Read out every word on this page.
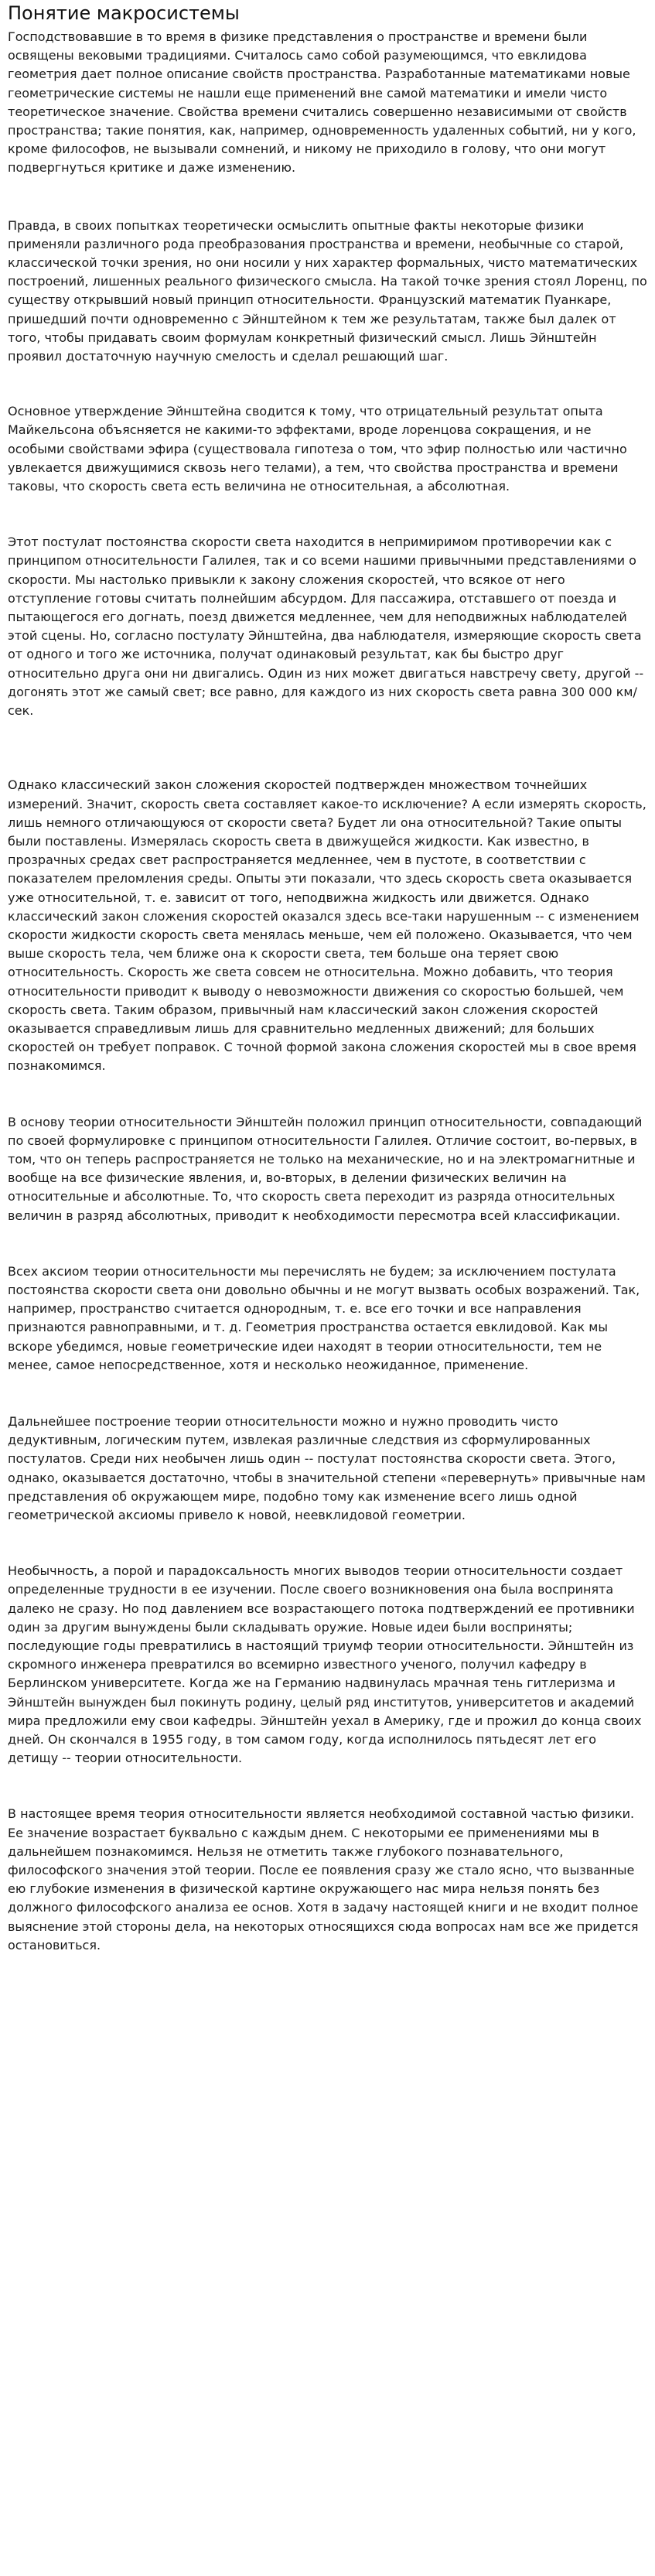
Понятие макросистемы

Господствовавшие в то время в физике представления о пространстве и времени были освящены вековыми традициями. Считалось само собой разумеющимся, что евклидова геометрия дает полное описание свойств пространства. Разработанные математиками новые геометрические системы не нашли еще применений вне самой математики и имели чисто теоретическое значение. Свойства времени считались совершенно независимыми от свойств пространства; такие понятия, как, например, одновременность удаленных событий, ни у кого, кроме философов, не вызывали сомнений, и никому не приходило в голову, что они могут подвергнуться критике и даже изменению.

Правда, в своих попытках теоретически осмыслить опытные факты некоторые физики применяли различного рода преобразования пространства и времени, необычные со старой, классической точки зрения, но они носили у них характер формальных, чисто математических построений, лишенных реального физического смысла. На такой точке зрения стоял Лоренц, по существу открывший новый принцип относительности. Французский математик Пуанкаре, пришедший почти одновременно с Эйнштейном к тем же результатам, также был далек от того, чтобы придавать своим формулам конкретный физический смысл. Лишь Эйнштейн проявил достаточную научную смелость и сделал решающий шаг.

Основное утверждение Эйнштейна сводится к тому, что отрицательный результат опыта Майкельсона объясняется не какими-то эффектами, вроде лоренцова сокращения, и не особыми свойствами эфира (существовала гипотеза о том, что эфир полностью или частично увлекается движущимися сквозь него телами), а тем, что свойства пространства и времени таковы, что скорость света есть величина не относительная, а абсолютная.

Этот постулат постоянства скорости света находится в непримиримом противоречии как с принципом относительности Галилея, так и со всеми нашими привычными представлениями о скорости. Мы настолько привыкли к закону сложения скоростей, что всякое от него отступление готовы считать полнейшим абсурдом. Для пассажира, отставшего от поезда и пытающегося его догнать, поезд движется медленнее, чем для неподвижных наблюдателей этой сцены. Но, согласно постулату Эйнштейна, два наблюдателя, измеряющие скорость света от одного и того же источника, получат одинаковый результат, как бы быстро друг относительно друга они ни двигались. Один из них может двигаться навстречу свету, другой -- догонять этот же самый свет; все равно, для каждого из них скорость света равна 300 000 км/сек.

Однако классический закон сложения скоростей подтвержден множеством точнейших измерений. Значит, скорость света составляет какое-то исключение? А если измерять скорость, лишь немного отличающуюся от скорости света? Будет ли она относительной? Такие опыты были поставлены. Измерялась скорость света в движущейся жидкости. Как известно, в прозрачных средах свет распространяется медленнее, чем в пустоте, в соответствии с показателем преломления среды. Опыты эти показали, что здесь скорость света оказывается уже относительной, т. е. зависит от того, неподвижна жидкость или движется. Однако классический закон сложения скоростей оказался здесь все-таки нарушенным -- с изменением скорости жидкости скорость света менялась меньше, чем ей положено. Оказывается, что чем выше скорость тела, чем ближе она к скорости света, тем больше она теряет свою относительность. Скорость же света совсем не относительна. Можно добавить, что теория относительности приводит к выводу о невозможности движения со скоростью большей, чем скорость света. Таким образом, привычный нам классический закон сложения скоростей оказывается справедливым лишь для сравнительно медленных движений; для больших скоростей он требует поправок. С точной формой закона сложения скоростей мы в свое время познакомимся.

В основу теории относительности Эйнштейн положил принцип относительности, совпадающий по своей формулировке с принципом относительности Галилея. Отличие состоит, во-первых, в том, что он теперь распространяется не только на механические, но и на электромагнитные и вообще на все физические явления, и, во-вторых, в делении физических величин на относительные и абсолютные. То, что скорость света переходит из разряда относительных величин в разряд абсолютных, приводит к необходимости пересмотра всей классификации.

Всех аксиом теории относительности мы перечислять не будем; за исключением постулата постоянства скорости света они довольно обычны и не могут вызвать особых возражений. Так, например, пространство считается однородным, т. е. все его точки и все направления признаются равноправными, и т. д. Геометрия пространства остается евклидовой. Как мы вскоре убедимся, новые геометрические идеи находят в теории относительности, тем не менее, самое непосредственное, хотя и несколько неожиданное, применение.

Дальнейшее построение теории относительности можно и нужно проводить чисто дедуктивным, логическим путем, извлекая различные следствия из сформулированных постулатов. Среди них необычен лишь один -- постулат постоянства скорости света. Этого, однако, оказывается достаточно, чтобы в значительной степени «перевернуть» привычные нам представления об окружающем мире, подобно тому как изменение всего лишь одной геометрической аксиомы привело к новой, неевклидовой геометрии.

Необычность, а порой и парадоксальность многих выводов теории относительности создает определенные трудности в ее изучении. После своего возникновения она была воспринята далеко не сразу. Но под давлением все возрастающего потока подтверждений ее противники один за другим вынуждены были складывать оружие. Новые идеи были восприняты; последующие годы превратились в настоящий триумф теории относительности. Эйнштейн из скромного инженера превратился во всемирно известного ученого, получил кафедру в Берлинском университете. Когда же на Германию надвинулась мрачная тень гитлеризма и Эйнштейн вынужден был покинуть родину, целый ряд институтов, университетов и академий мира предложили ему свои кафедры. Эйнштейн уехал в Америку, где и прожил до конца своих дней. Он скончался в 1955 году, в том самом году, когда исполнилось пятьдесят лет его детищу -- теории относительности.

В настоящее время теория относительности является необходимой составной частью физики. Ее значение возрастает буквально с каждым днем. С некоторыми ее применениями мы в дальнейшем познакомимся. Нельзя не отметить также глубокого познавательного, философского значения этой теории. После ее появления сразу же стало ясно, что вызванные ею глубокие изменения в физической картине окружающего нас мира нельзя понять без должного философского анализа ее основ. Хотя в задачу настоящей книги и не входит полное выяснение этой стороны дела, на некоторых относящихся сюда вопросах нам все же придется остановиться.
